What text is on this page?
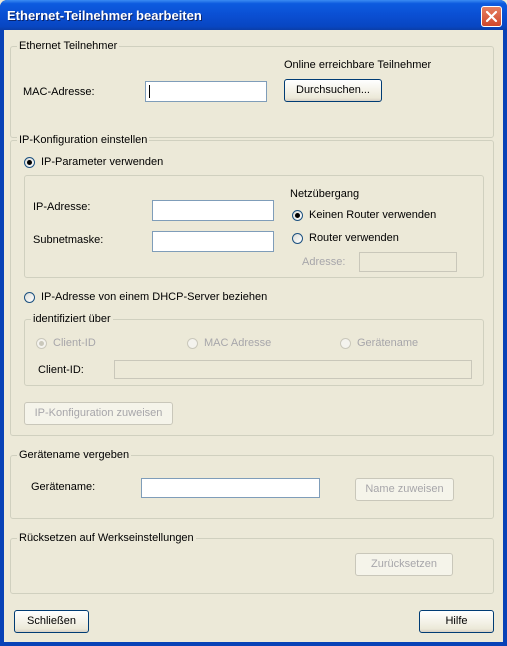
Ethernet-Teilnehmer bearbeiten
Ethernet Teilnehmer
Online erreichbare Teilnehmer
MAC-Adresse:	Durchsuchen...
IP-Konfiguration einstellen
IP-Parameter verwenden
IP-Adresse:
Subnetmaske:
Netzübergang
Keinen Router verwenden
Router verwenden
Adresse:
IP-Adresse von einem DHCP-Server beziehen
identifiziert über
Client-ID	MAC Adresse	Gerätename
Client-ID:
IP-Konfiguration zuweisen
Gerätename vergeben
Gerätename:	Name zuweisen
Rücksetzen auf Werkseinstellungen
Zurücksetzen
Schließen	Hilfe
